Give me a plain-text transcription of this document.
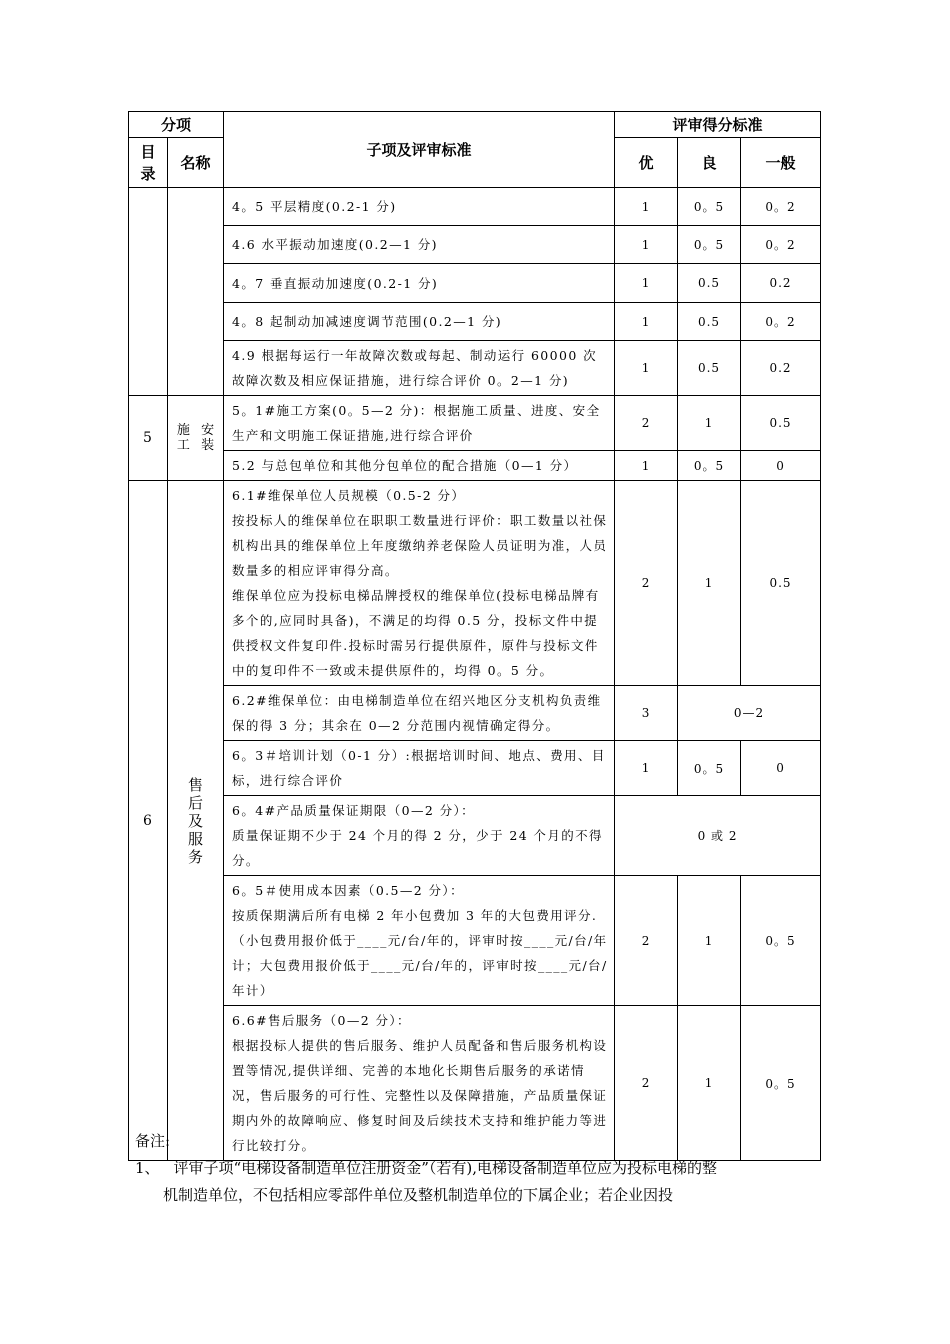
分项		子项及评审标准	评审得分标准		
目录	名称		优	良	一般
		4。5 平层精度(0.2-1 分)	1	0。5	0。2
		4.6 水平振动加速度(0.2—1 分)	1	0。5	0。2
		4。7 垂直振动加速度(0.2-1 分)	1	0.5	0.2
		4。8 起制动加减速度调节范围(0.2—1 分)	1	0.5	0。2
		4.9 根据每运行一年故障次数或每起、制动运行 60000 次故障次数及相应保证措施，进行综合评价 0。2—1 分)	1	0.5	0.2
5	施工 安装	5。1#施工方案(0。5—2 分)：根据施工质量、进度、安全生产和文明施工保证措施,进行综合评价	2	1	0.5
		5.2 与总包单位和其他分包单位的配合措施（0—1 分）	1	0。5	0
6	售后及服务	6.1#维保单位人员规模（0.5-2 分）

按投标人的维保单位在职职工数量进行评价：职工数量以社保机构出具的维保单位上年度缴纳养老保险人员证明为准，人员数量多的相应评审得分高。

维保单位应为投标电梯品牌授权的维保单位(投标电梯品牌有多个的,应同时具备)，不满足的均得 0.5 分，投标文件中提供授权文件复印件.投标时需另行提供原件，原件与投标文件中的复印件不一致或未提供原件的，均得 0。5 分。	2	1	0.5
		6.2#维保单位：由电梯制造单位在绍兴地区分支机构负责维保的得 3 分；其余在 0—2 分范围内视情确定得分。	3	0—2	
		6。3＃培训计划（0-1 分）:根据培训时间、地点、费用、目标，进行综合评价	1	0。5	0

		6。4#产品质量保证期限（0—2 分）：

质量保证期不少于 24 个月的得 2 分，少于 24 个月的不得分。	0 或 2		

		6。5＃使用成本因素（0.5—2 分）：

按质保期满后所有电梯 2 年小包费加 3 年的大包费用评分.（小包费用报价低于____元/台/年的，评审时按____元/台/年计；大包费用报价低于____元/台/年的，评审时按____元/台/年计）	2	1	0。5

		6.6#售后服务（0—2 分）：

根据投标人提供的售后服务、维护人员配备和售后服务机构设置等情况,提供详细、完善的本地化长期售后服务的承诺情况，售后服务的可行性、完整性以及保障措施，产品质量保证期内外的故障响应、修复时间及后续技术支持和维护能力等进行比较打分。	2	1	0。5

备注:

1、 评审子项“电梯设备制造单位注册资金”（若有),电梯设备制造单位应为投标电梯的整

机制造单位，不包括相应零部件单位及整机制造单位的下属企业；若企业因投
